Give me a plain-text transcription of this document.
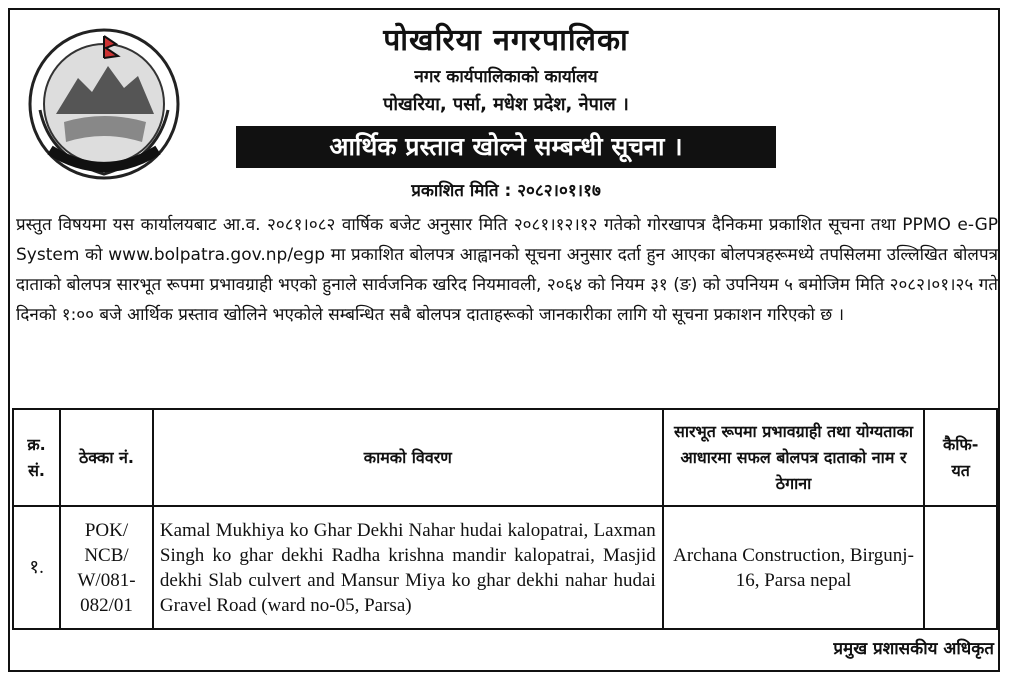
पोखरिया नगरपालिका
नगर कार्यपालिकाको कार्यालय
पोखरिया, पर्सा, मधेश प्रदेश, नेपाल ।
आर्थिक प्रस्ताव खोल्ने सम्बन्धी सूचना ।
प्रकाशित मिति : २०८२।०१।१७
प्रस्तुत विषयमा यस कार्यालयबाट आ.व. २०८१।०८२ वार्षिक बजेट अनुसार मिति २०८१।१२।१२ गतेको गोरखापत्र दैनिकमा प्रकाशित सूचना तथा PPMO e-GP System को www.bolpatra.gov.np/egp मा प्रकाशित बोलपत्र आह्वानको सूचना अनुसार दर्ता हुन आएका बोलपत्रहरूमध्ये तपसिलमा उल्लिखित बोलपत्र दाताको बोलपत्र सारभूत रूपमा प्रभावग्राही भएको हुनाले सार्वजनिक खरिद नियमावली, २०६४ को नियम ३१ (ङ) को उपनियम ५ बमोजिम मिति २०८२।०१।२५ गते दिनको १:०० बजे आर्थिक प्रस्ताव खोलिने भएकोले सम्बन्धित सबै बोलपत्र दाताहरूको जानकारीका लागि यो सूचना प्रकाशन गरिएको छ ।
क्र. सं.	ठेक्का नं.	कामको विवरण	सारभूत रूपमा प्रभावग्राही तथा योग्यताका आधारमा सफल बोलपत्र दाताको नाम र ठेगाना	कैफि- यत
१.	POK/ NCB/ W/081- 082/01	Kamal Mukhiya ko Ghar Dekhi Nahar hudai kalopatrai, Laxman Singh ko ghar dekhi Radha krishna mandir kalopatrai, Masjid dekhi Slab culvert and Mansur Miya ko ghar dekhi nahar hudai Gravel Road (ward no-05, Parsa)	Archana Construction, Birgunj-16, Parsa nepal	
प्रमुख प्रशासकीय अधिकृत
